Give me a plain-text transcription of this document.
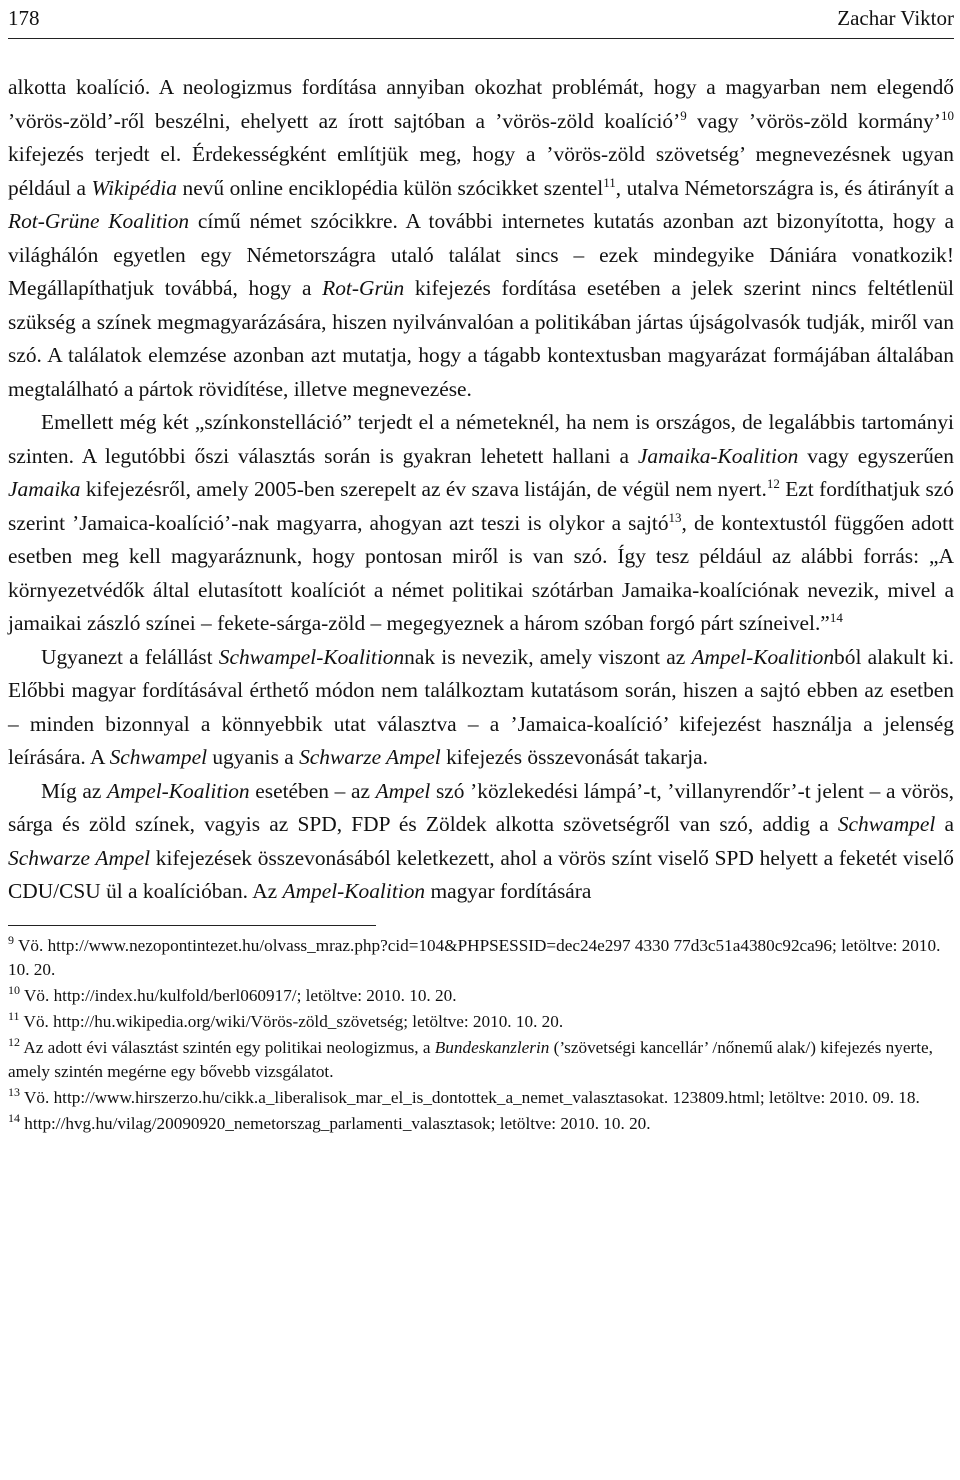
178	Zachar Viktor

alkotta koalíció. A neologizmus fordítása annyiban okozhat problémát, hogy a magyarban nem elegendő ’vörös-zöld’-ről beszélni, ehelyett az írott sajtóban a ’vörös-zöld koalíció’$^9$ vagy ’vörös-zöld kormány’$^{10}$ kifejezés terjedt el. Érdekességként említjük meg, hogy a ’vörös-zöld szövetség’ megnevezésnek ugyan például a Wikipédia nevű online enciklopédia külön szócikket szentel$^{11}$, utalva Németországra is, és átirányít a Rot-Grüne Koalition című német szócikkre. A további internetes kutatás azonban azt bizonyította, hogy a világhálón egyetlen egy Németországra utaló találat sincs – ezek mindegyike Dániára vonatkozik! Megállapíthatjuk továbbá, hogy a Rot-Grün kifejezés fordítása esetében a jelek szerint nincs feltétlenül szükség a színek megmagyarázására, hiszen nyilvánvalóan a politikában jártas újságolvasók tudják, miről van szó. A találatok elemzése azonban azt mutatja, hogy a tágabb kontextusban magyarázat formájában általában megtalálható a pártok rövidítése, illetve megnevezése.

Emellett még két „színkonstelláció” terjedt el a németeknél, ha nem is országos, de legalábbis tartományi szinten. A legutóbbi őszi választás során is gyakran lehetett hallani a Jamaika-Koalition vagy egyszerűen Jamaika kifejezésről, amely 2005-ben szerepelt az év szava listáján, de végül nem nyert.$^{12}$ Ezt fordíthatjuk szó szerint ’Jamaica-koalíció’-nak magyarra, ahogyan azt teszi is olykor a sajtó$^{13}$, de kontextustól függően adott esetben meg kell magyaráznunk, hogy pontosan miről is van szó. Így tesz például az alábbi forrás: „A környezetvédők által elutasított koalíciót a német politikai szótárban Jamaika-koalíciónak nevezik, mivel a jamaikai zászló színei – fekete-sárga-zöld – megegyeznek a három szóban forgó párt színeivel.”$^{14}$

Ugyanezt a felállást Schwampel-Koalitionnak is nevezik, amely viszont az Ampel-Koalitionból alakult ki. Előbbi magyar fordításával érthető módon nem találkoztam kutatásom során, hiszen a sajtó ebben az esetben – minden bizonnyal a könnyebbik utat választva – a ’Jamaica-koalíció’ kifejezést használja a jelenség leírására. A Schwampel ugyanis a Schwarze Ampel kifejezés összevonását takarja.

Míg az Ampel-Koalition esetében – az Ampel szó ’közlekedési lámpá’-t, ’villanyrendőr’-t jelent – a vörös, sárga és zöld színek, vagyis az SPD, FDP és Zöldek alkotta szövetségről van szó, addig a Schwampel a Schwarze Ampel kifejezések összevonásából keletkezett, ahol a vörös színt viselő SPD helyett a feketét viselő CDU/CSU ül a koalícióban. Az Ampel-Koalition magyar fordítására

$^9$ Vö. http://www.nezopontintezet.hu/olvass_mraz.php?cid=104&PHPSESSID=dec24e297 4330 77d3c51a4380c92ca96; letöltve: 2010. 10. 20.

$^{10}$ Vö. http://index.hu/kulfold/berl060917/; letöltve: 2010. 10. 20.

$^{11}$ Vö. http://hu.wikipedia.org/wiki/Vörös-zöld_szövetség; letöltve: 2010. 10. 20.

$^{12}$ Az adott évi választást szintén egy politikai neologizmus, a Bundeskanzlerin (’szövetségi kancellár’ /nőnemű alak/) kifejezés nyerte, amely szintén megérne egy bővebb vizsgálatot.

$^{13}$ Vö. http://www.hirszerzo.hu/cikk.a_liberalisok_mar_el_is_dontottek_a_nemet_valasztasokat. 123809.html; letöltve: 2010. 09. 18.

$^{14}$ http://hvg.hu/vilag/20090920_nemetorszag_parlamenti_valasztasok; letöltve: 2010. 10. 20.
